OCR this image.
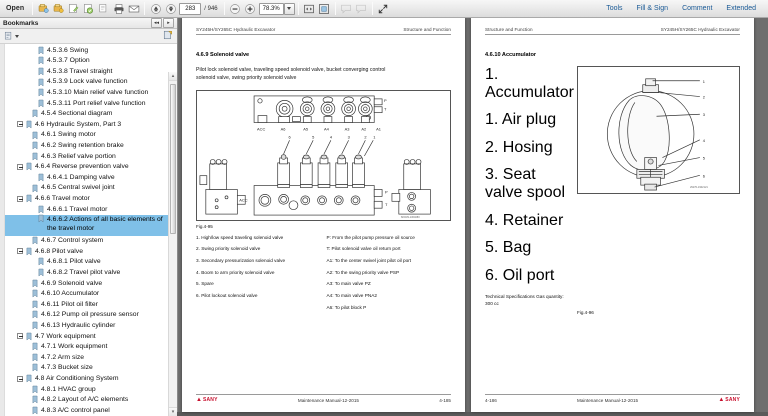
Open	283	/ 946	78.3%	Tools	Fill & Sign	Comment	Extended
Bookmarks	◂◂	▸
4.5.3.6 Swing
4.5.3.7 Option
4.5.3.8 Travel straight
4.5.3.9 Lock valve function
4.5.3.10 Main relief valve function
4.5.3.11 Port relief valve function
4.5.4 Sectional diagram
4.6 Hydraulic System, Part 3
4.6.1 Swing motor
4.6.2 Swing retention brake
4.6.3 Relief valve portion
4.6.4 Reverse prevention valve
4.6.4.1 Damping valve
4.6.5 Central swivel joint
4.6.6 Travel motor
4.6.6.1 Travel motor
4.6.6.2 Actions of all basic elements of the travel motor
4.6.7 Control system
4.6.8 Pilot valve
4.6.8.1 Pilot valve
4.6.8.2 Travel pilot valve
4.6.9 Solenoid valve
4.6.10 Accumulator
4.6.11 Pilot oil filter
4.6.12 Pump oil pressure sensor
4.6.13 Hydraulic cylinder
4.7 Work equipment
4.7.1 Work equipment
4.7.2 Arm size
4.7.3 Bucket size
4.8 Air Conditioning System
4.8.1 HVAC group
4.8.2 Layout of A/C elements
4.8.3 A/C control panel
▴
▾
SY245H/SY265C Hydraulic Excavator	Structure and Function
4.6.9 Solenoid valve
Pilot lock solenoid valve, traveling speed solenoid valve, bucket converging control solenoid valve, swing priority solenoid valve
ACC	A6	A5	A4	A3	A2 A1
P
T
P
T
ACC
6	5	4	3	2 1
SKD39-1364080
Fig.4-95
1. High/low speed traveling solenoid valve
2. Swing priority solenoid valve
3. Secondary pressurization solenoid valve
4. Boom to arm priority solenoid valve
5. Spare
6. Pilot lockout solenoid valve
P: From the pilot pump pressure oil source
T: Pilot solenoid valve oil return port
A1: To the center swivel joint pilot oil port
A2: To the swing priority valve PSP
A3: To main valve PZ
A4: To main valve PNA2
A6: To pilot block P
▲ SANY	Maintenance Manual-12-2015	4-185
Structure and Function	SY245H/SY265C Hydraulic Excavator
4.6.10 Accumulator
1. Accumulator
1. Air plug
2. Hosing
3. Seat valve spool
4. Retainer
5. Bag
6. Oil port
Technical Specifications Gas quantity: 300 cc
1
2
3
4
5
6
29270-1902121
Fig.4-96
4-186	Maintenance Manual-12-2015	▲ SANY
